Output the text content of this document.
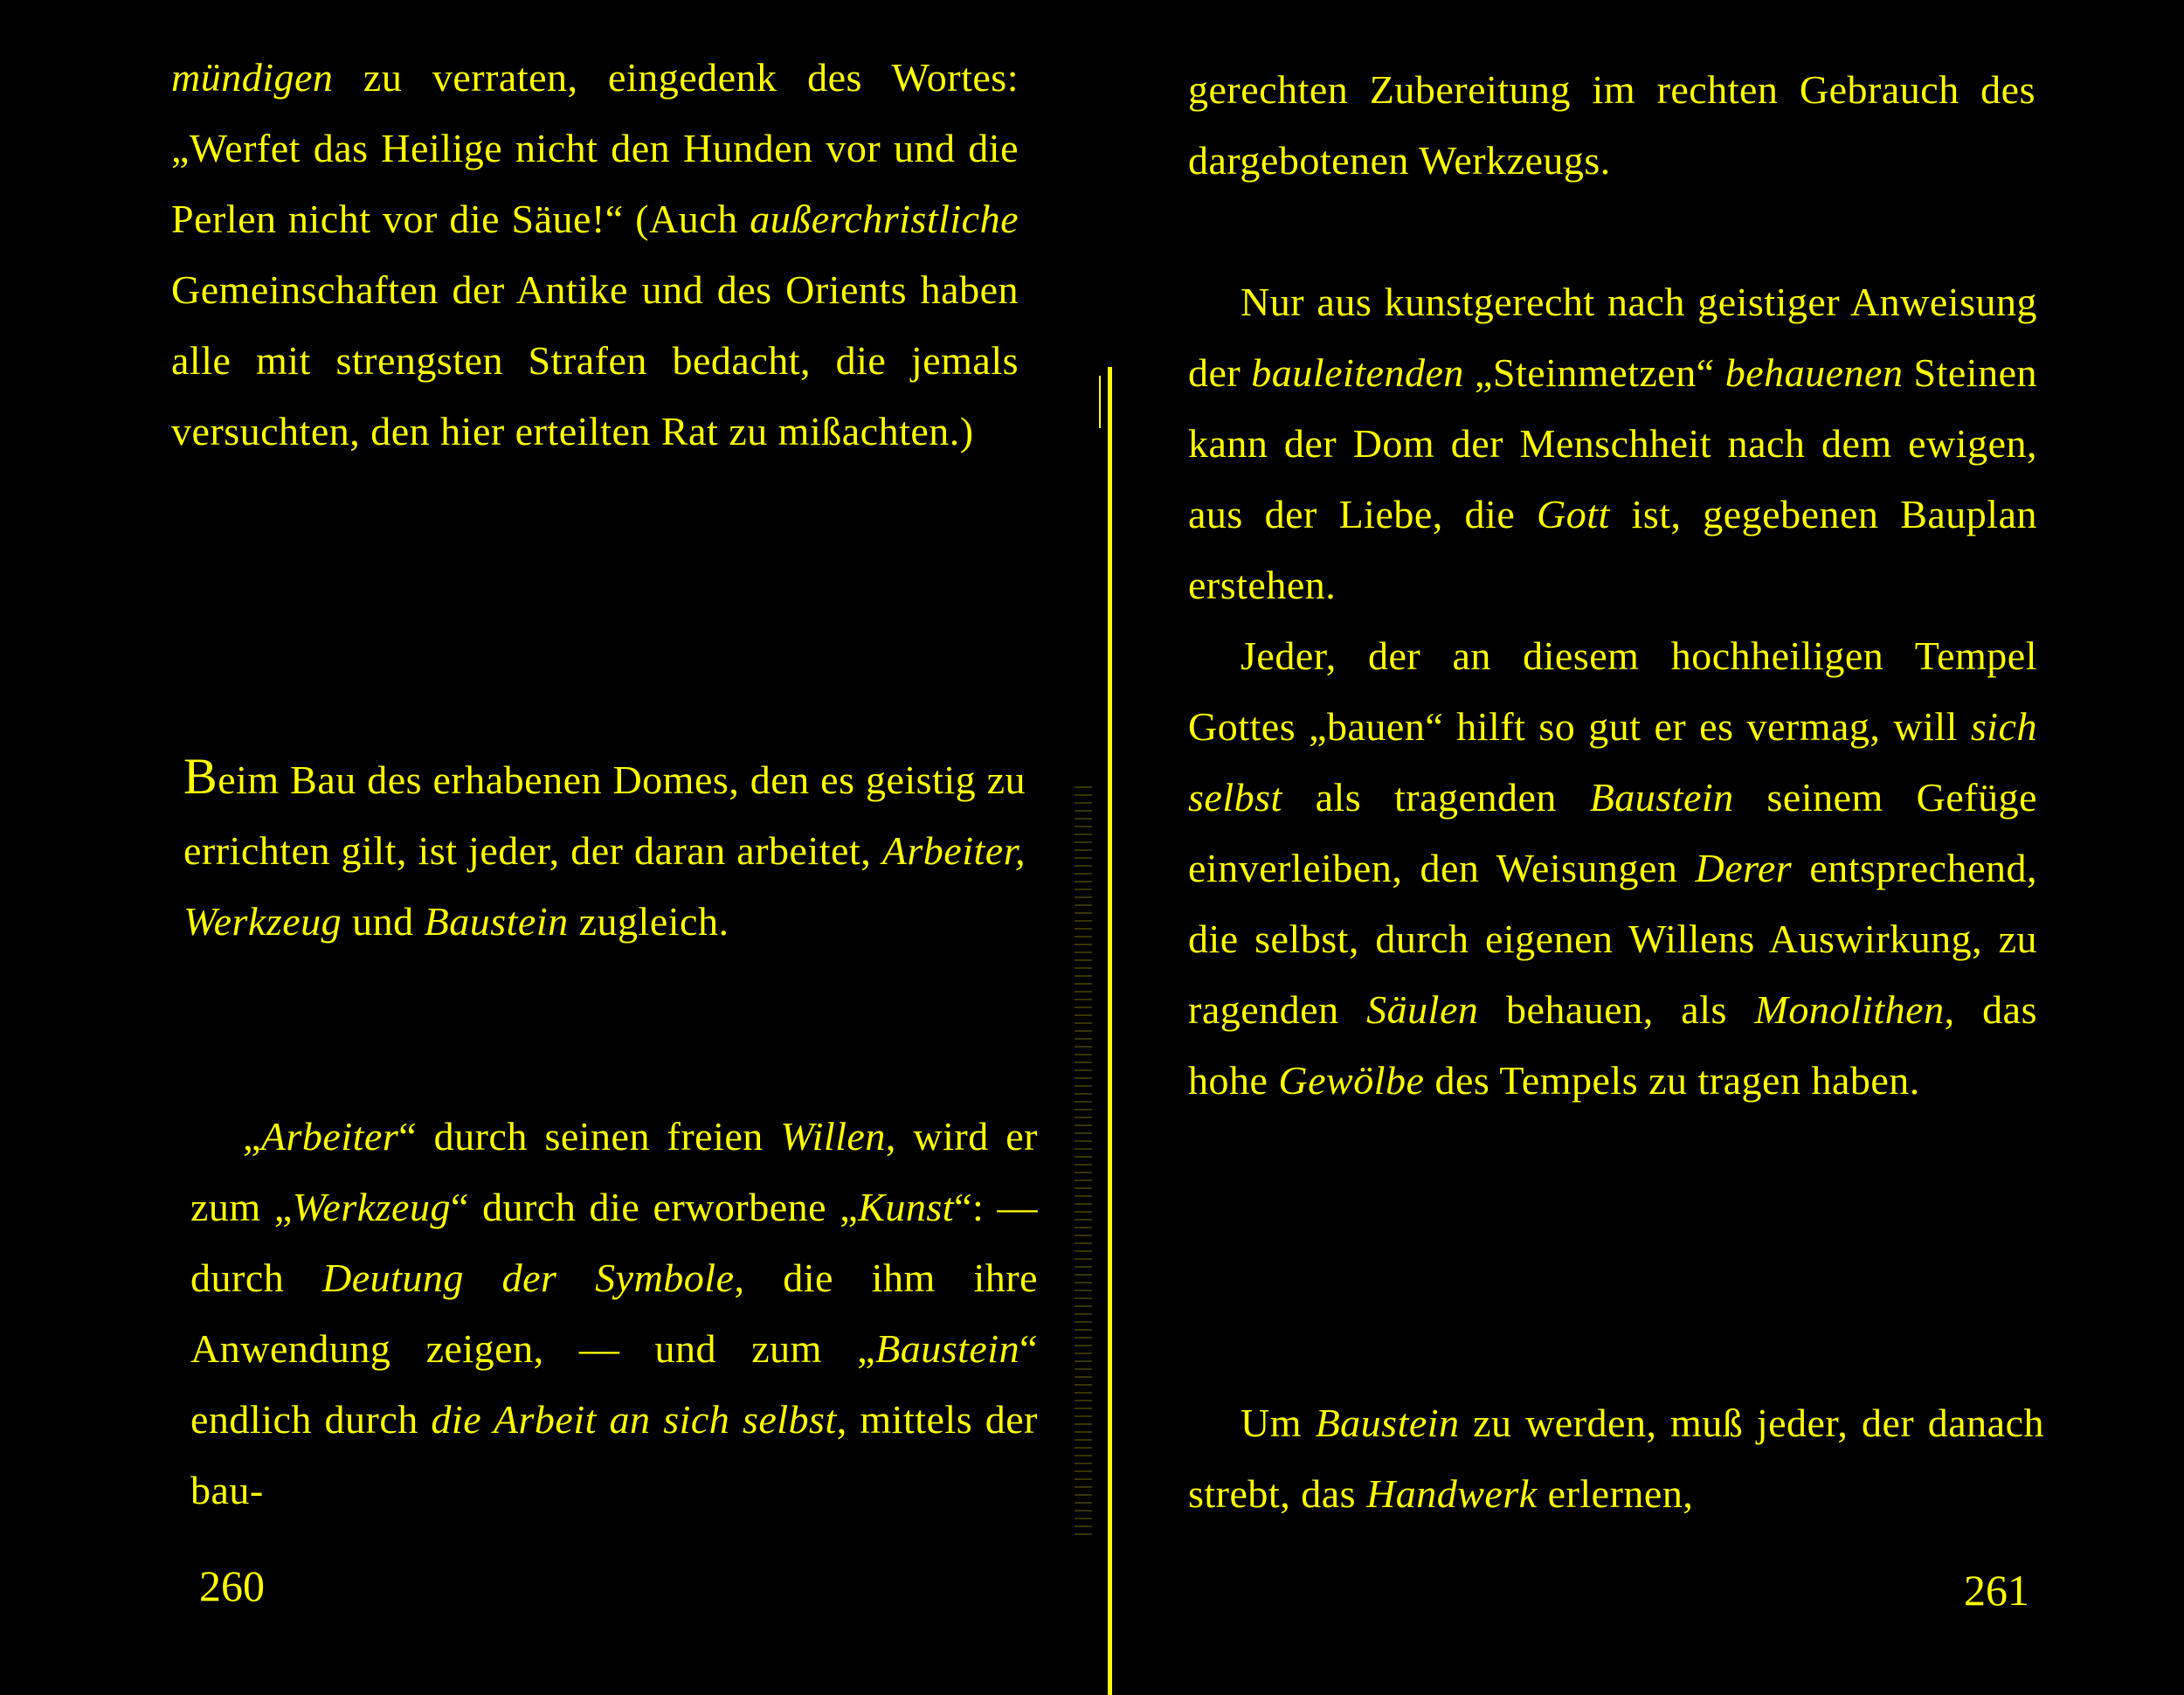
mündigen zu verraten, eingedenk des Wortes: „Werfet das Heilige nicht den Hunden vor und die Perlen nicht vor die Säue!“ (Auch außerchristliche Gemeinschaften der Antike und des Orients haben alle mit strengsten Strafen bedacht, die jemals versuchten, den hier erteilten Rat zu mißachten.)

Beim Bau des erhabenen Domes, den es geistig zu errichten gilt, ist jeder, der daran arbeitet, Arbeiter, Werkzeug und Baustein zugleich.

„Arbeiter“ durch seinen freien Willen, wird er zum „Werkzeug“ durch die erworbene „Kunst“: — durch Deutung der Symbole, die ihm ihre Anwendung zeigen, — und zum „Baustein“ endlich durch die Arbeit an sich selbst, mittels der bau-

260

gerechten Zubereitung im rechten Gebrauch des dargebotenen Werkzeugs.

Nur aus kunstgerecht nach geistiger Anweisung der bauleitenden „Steinmetzen“ behauenen Steinen kann der Dom der Menschheit nach dem ewigen, aus der Liebe, die Gott ist, gegebenen Bauplan erstehen.

Jeder, der an diesem hochheiligen Tempel Gottes „bauen“ hilft so gut er es vermag, will sich selbst als tragenden Baustein seinem Gefüge einverleiben, den Weisungen Derer entsprechend, die selbst, durch eigenen Willens Auswirkung, zu ragenden Säulen behauen, als Monolithen, das hohe Gewölbe des Tempels zu tragen haben.

Um Baustein zu werden, muß jeder, der danach strebt, das Handwerk erlernen,

261
